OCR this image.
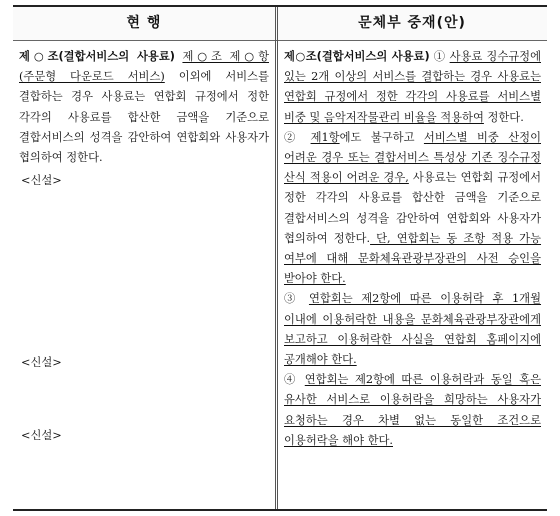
현 행	문체부 중재(안)

제○조(결합서비스의 사용료) 제○조 제○항(주문형 다운로드 서비스) 이외에 서비스를 결합하는 경우 사용료는 연합회 규정에서 정한 각각의 사용료를 합산한 금액을 기준으로 결합서비스의 성격을 감안하여 연합회와 사용자가 협의하여 정한다.

<신설>
<신설>
<신설>

제○조(결합서비스의 사용료) ① 사용료 징수규정에 있는 2개 이상의 서비스를 결합하는 경우 사용료는 연합회 규정에서 정한 각각의 사용료를 서비스별 비중 및 음악저작물관리 비율을 적용하여 정한다.

② 제1항에도 불구하고 서비스별 비중 산정이 어려운 경우 또는 결합서비스 특성상 기존 징수규정 산식 적용이 어려운 경우, 사용료는 연합회 규정에서 정한 각각의 사용료를 합산한 금액을 기준으로 결합서비스의 성격을 감안하여 연합회와 사용자가 협의하여 정한다. 단, 연합회는 동 조항 적용 가능 여부에 대해 문화체육관광부장관의 사전 승인을 받아야 한다.

③ 연합회는 제2항에 따른 이용허락 후 1개월 이내에 이용허락한 내용을 문화체육관광부장관에게 보고하고 이용허락한 사실을 연합회 홈페이지에 공개해야 한다.

④ 연합회는 제2항에 따른 이용허락과 동일 혹은 유사한 서비스로 이용허락을 희망하는 사용자가 요청하는 경우 차별 없는 동일한 조건으로 이용허락을 해야 한다.
